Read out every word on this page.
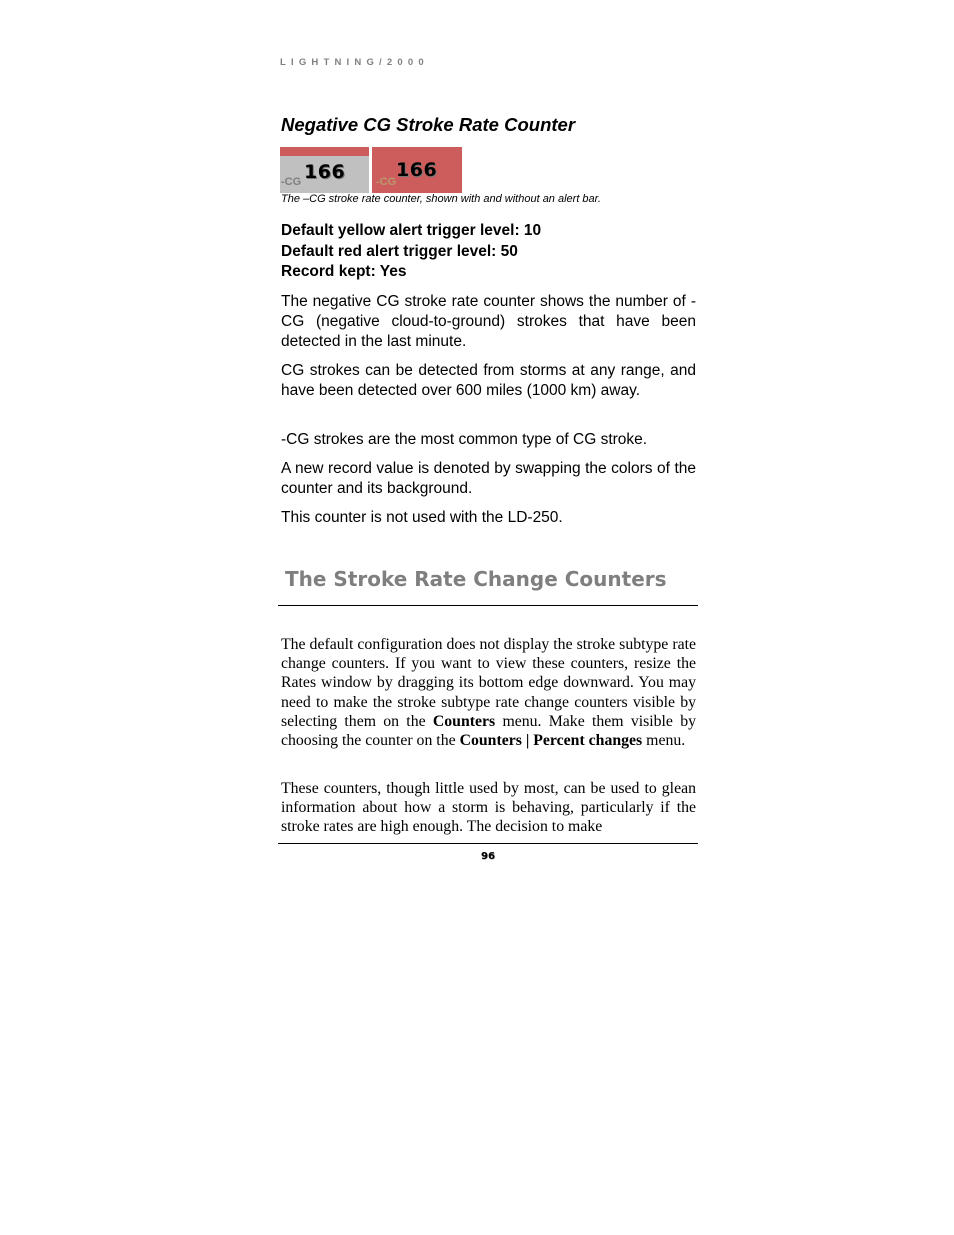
LIGHTNING/2000
Negative CG Stroke Rate Counter
-CG 166	-CG
166
The –CG stroke rate counter, shown with and without an alert bar.
Default yellow alert trigger level: 10
Default red alert trigger level: 50
Record kept: Yes

The negative CG stroke rate counter shows the number of -CG (negative cloud-to-ground) strokes that have been detected in the last minute.

CG strokes can be detected from storms at any range, and have been detected over 600 miles (1000 km) away.

-CG strokes are the most common type of CG stroke.

A new record value is denoted by swapping the colors of the counter and its background.

This counter is not used with the LD-250.

The Stroke Rate Change Counters

The default configuration does not display the stroke subtype rate change counters. If you want to view these counters, resize the Rates window by dragging its bottom edge downward. You may need to make the stroke subtype rate change counters visible by selecting them on the Counters menu. Make them visible by choosing the counter on the Counters | Percent changes menu.

These counters, though little used by most, can be used to glean information about how a storm is behaving, particularly if the stroke rates are high enough. The decision to make

96
